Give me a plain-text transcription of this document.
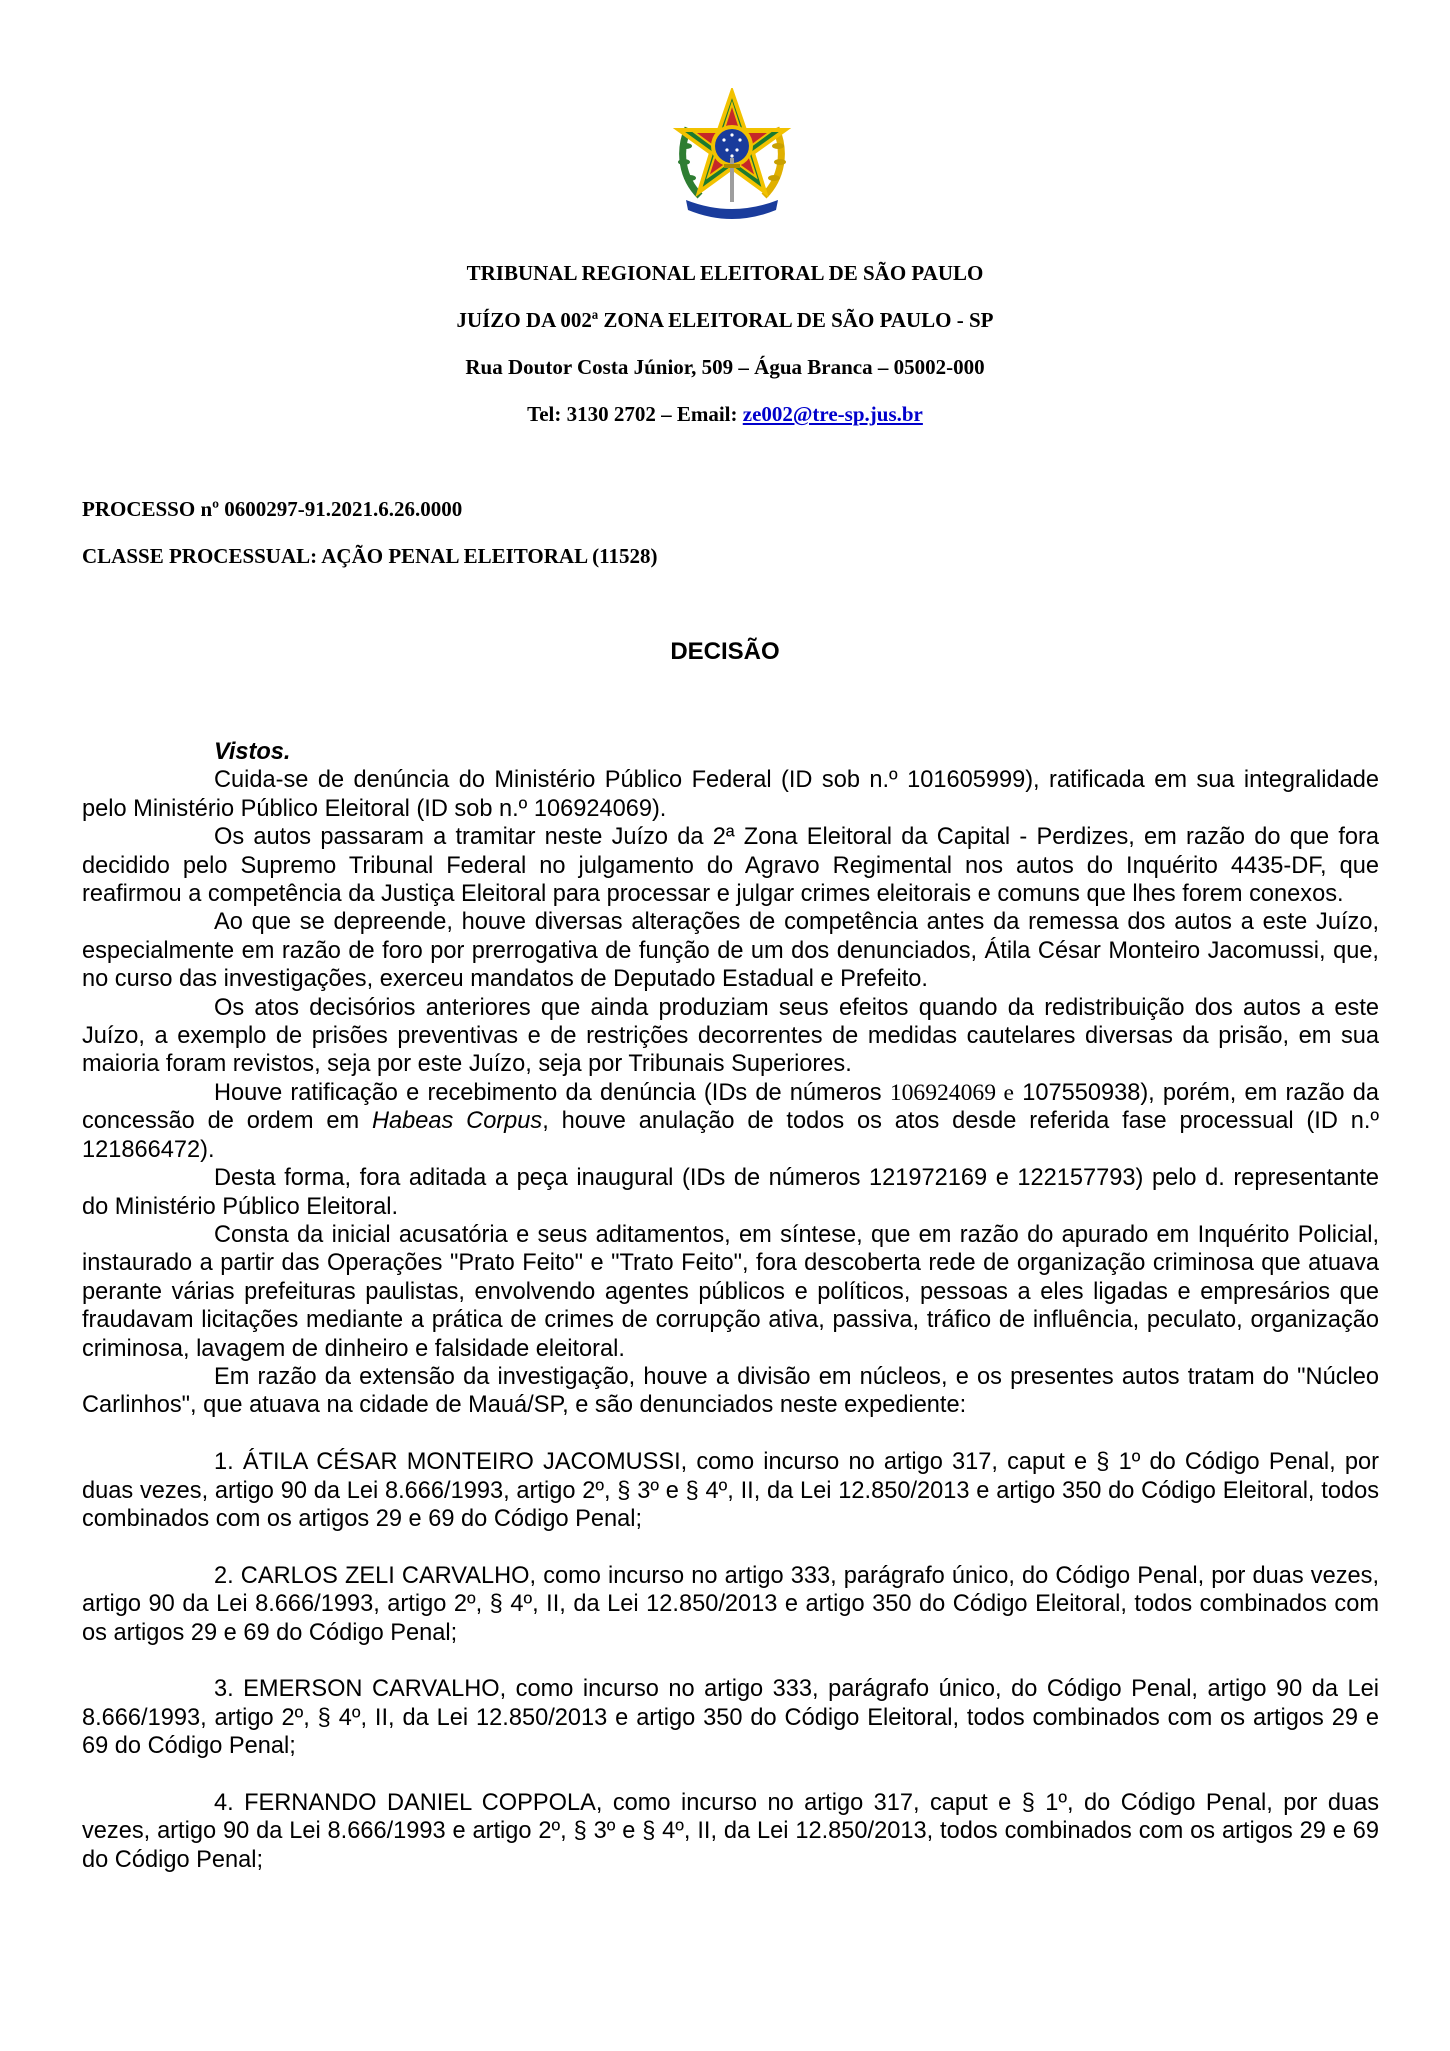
TRIBUNAL REGIONAL ELEITORAL DE SÃO PAULO
JUÍZO DA 002ª ZONA ELEITORAL DE SÃO PAULO - SP
Rua Doutor Costa Júnior, 509 – Água Branca – 05002-000
Tel: 3130 2702 – Email: ze002@tre-sp.jus.br
PROCESSO nº 0600297-91.2021.6.26.0000
CLASSE PROCESSUAL: AÇÃO PENAL ELEITORAL (11528)
DECISÃO

Vistos.

Cuida-se de denúncia do Ministério Público Federal (ID sob n.º 101605999), ratificada em sua integralidade pelo Ministério Público Eleitoral (ID sob n.º 106924069).

Os autos passaram a tramitar neste Juízo da 2ª Zona Eleitoral da Capital - Perdizes, em razão do que fora decidido pelo Supremo Tribunal Federal no julgamento do Agravo Regimental nos autos do Inquérito 4435-DF, que reafirmou a competência da Justiça Eleitoral para processar e julgar crimes eleitorais e comuns que lhes forem conexos.

Ao que se depreende, houve diversas alterações de competência antes da remessa dos autos a este Juízo, especialmente em razão de foro por prerrogativa de função de um dos denunciados, Átila César Monteiro Jacomussi, que, no curso das investigações, exerceu mandatos de Deputado Estadual e Prefeito.

Os atos decisórios anteriores que ainda produziam seus efeitos quando da redistribuição dos autos a este Juízo, a exemplo de prisões preventivas e de restrições decorrentes de medidas cautelares diversas da prisão, em sua maioria foram revistos, seja por este Juízo, seja por Tribunais Superiores.

Houve ratificação e recebimento da denúncia (IDs de números 106924069 e 107550938), porém, em razão da concessão de ordem em Habeas Corpus, houve anulação de todos os atos desde referida fase processual (ID n.º 121866472).

Desta forma, fora aditada a peça inaugural (IDs de números 121972169 e 122157793) pelo d. representante do Ministério Público Eleitoral.

Consta da inicial acusatória e seus aditamentos, em síntese, que em razão do apurado em Inquérito Policial, instaurado a partir das Operações "Prato Feito" e "Trato Feito", fora descoberta rede de organização criminosa que atuava perante várias prefeituras paulistas, envolvendo agentes públicos e políticos, pessoas a eles ligadas e empresários que fraudavam licitações mediante a prática de crimes de corrupção ativa, passiva, tráfico de influência, peculato, organização criminosa, lavagem de dinheiro e falsidade eleitoral.

Em razão da extensão da investigação, houve a divisão em núcleos, e os presentes autos tratam do "Núcleo Carlinhos", que atuava na cidade de Mauá/SP, e são denunciados neste expediente:

1. ÁTILA CÉSAR MONTEIRO JACOMUSSI, como incurso no artigo 317, caput e § 1º do Código Penal, por duas vezes, artigo 90 da Lei 8.666/1993, artigo 2º, § 3º e § 4º, II, da Lei 12.850/2013 e artigo 350 do Código Eleitoral, todos combinados com os artigos 29 e 69 do Código Penal;

2. CARLOS ZELI CARVALHO, como incurso no artigo 333, parágrafo único, do Código Penal, por duas vezes, artigo 90 da Lei 8.666/1993, artigo 2º, § 4º, II, da Lei 12.850/2013 e artigo 350 do Código Eleitoral, todos combinados com os artigos 29 e 69 do Código Penal;

3. EMERSON CARVALHO, como incurso no artigo 333, parágrafo único, do Código Penal, artigo 90 da Lei 8.666/1993, artigo 2º, § 4º, II, da Lei 12.850/2013 e artigo 350 do Código Eleitoral, todos combinados com os artigos 29 e 69 do Código Penal;

4. FERNANDO DANIEL COPPOLA, como incurso no artigo 317, caput e § 1º, do Código Penal, por duas vezes, artigo 90 da Lei 8.666/1993 e artigo 2º, § 3º e § 4º, II, da Lei 12.850/2013, todos combinados com os artigos 29 e 69 do Código Penal;
